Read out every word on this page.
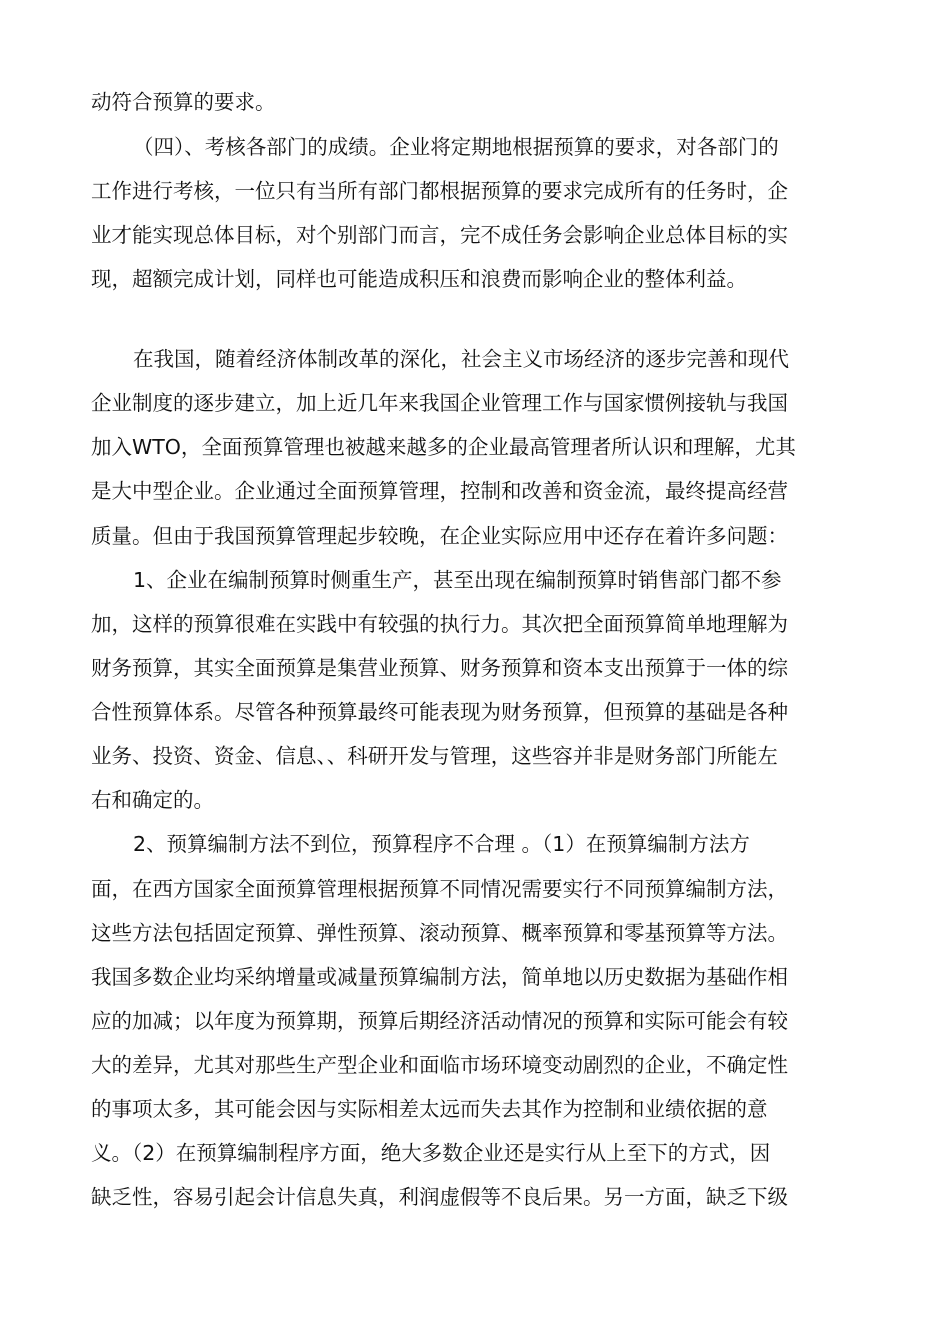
动符合预算的要求。
（四）、考核各部门的成绩。企业将定期地根据预算的要求，对各部门的
工作进行考核，一位只有当所有部门都根据预算的要求完成所有的任务时，企
业才能实现总体目标，对个别部门而言，完不成任务会影响企业总体目标的实
现，超额完成计划，同样也可能造成积压和浪费而影响企业的整体利益。
在我国，随着经济体制改革的深化，社会主义市场经济的逐步完善和现代
企业制度的逐步建立，加上近几年来我国企业管理工作与国家惯例接轨与我国
加入WTO，全面预算管理也被越来越多的企业最高管理者所认识和理解，尤其
是大中型企业。企业通过全面预算管理，控制和改善和资金流，最终提高经营
质量。但由于我国预算管理起步较晚，在企业实际应用中还存在着许多问题：
1、企业在编制预算时侧重生产，甚至出现在编制预算时销售部门都不参
加，这样的预算很难在实践中有较强的执行力。其次把全面预算简单地理解为
财务预算，其实全面预算是集营业预算、财务预算和资本支出预算于一体的综
合性预算体系。尽管各种预算最终可能表现为财务预算，但预算的基础是各种
业务、投资、资金、信息、、科研开发与管理，这些容并非是财务部门所能左
右和确定的。
2、预算编制方法不到位，预算程序不合理 。（1）在预算编制方法方
面，在西方国家全面预算管理根据预算不同情况需要实行不同预算编制方法，
这些方法包括固定预算、弹性预算、滚动预算、概率预算和零基预算等方法。
我国多数企业均采纳增量或减量预算编制方法，简单地以历史数据为基础作相
应的加减；以年度为预算期，预算后期经济活动情况的预算和实际可能会有较
大的差异，尤其对那些生产型企业和面临市场环境变动剧烈的企业，不确定性
的事项太多，其可能会因与实际相差太远而失去其作为控制和业绩依据的意
义。（2）在预算编制程序方面，绝大多数企业还是实行从上至下的方式，因
缺乏性，容易引起会计信息失真，利润虚假等不良后果。另一方面，缺乏下级
